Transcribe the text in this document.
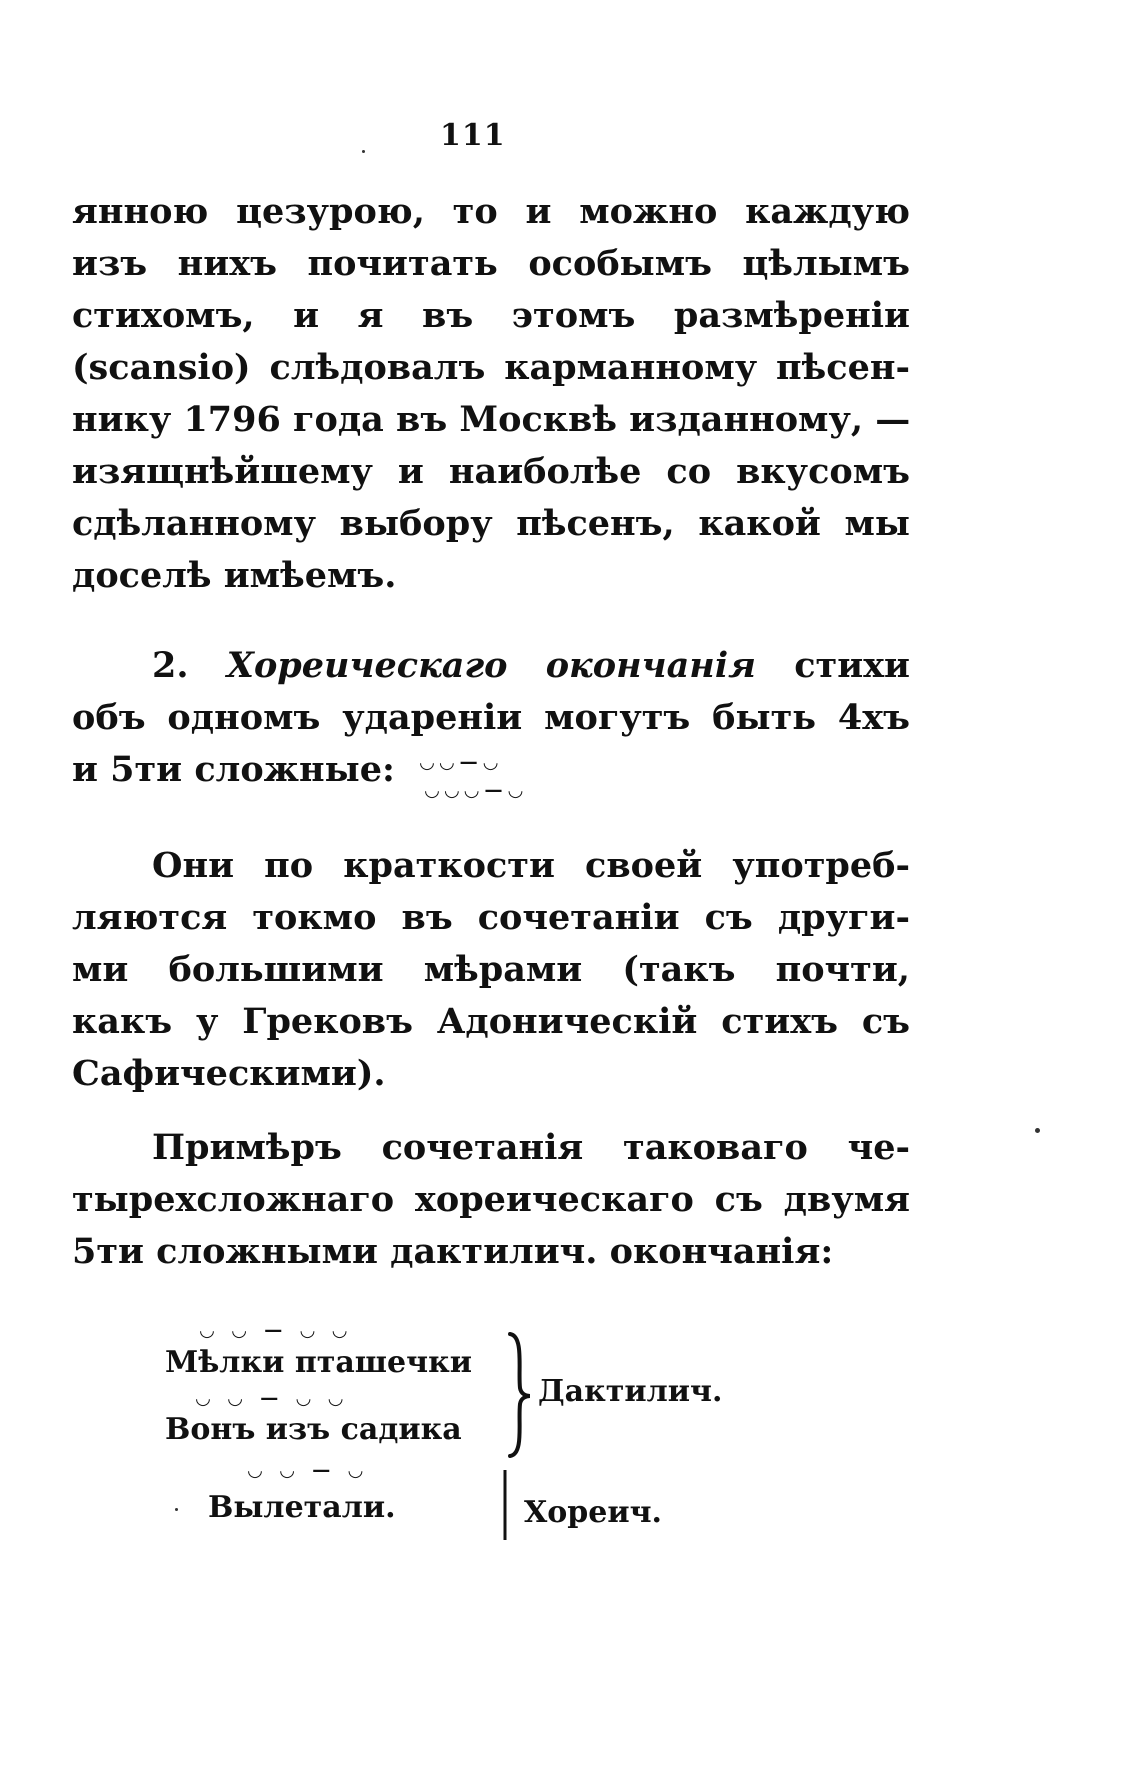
111
янною цезурою, то и можно каждую
изъ нихъ почитать особымъ цѣлымъ
стихомъ, и я въ этомъ размѣреніи
(scansio) слѣдовалъ карманному пѣсен-
нику 1796 года въ Москвѣ изданному, —
изящнѣйшему и наиболѣе со вкусомъ
сдѣланному выбору пѣсенъ, какой мы
доселѣ имѣемъ.
2. Хореическаго окончанія стихи
объ одномъ удареніи могутъ быть 4хъ
и 5ти сложные:	◡◡—◡
◡◡◡—◡
Они по краткости своей употреб-
ляются токмо въ сочетаніи съ други-
ми большими мѣрами (такъ почти,
какъ у Грековъ Адоническій стихъ съ
Сафическими).
Примѣръ сочетанія таковаго че-
тырехсложнаго хореическаго съ двумя
5ти сложными дактилич. окончанія:
◡ ◡ — ◡ ◡
Мѣлки пташечки
◡ ◡ — ◡ ◡
Вонъ изъ садика
◡ ◡ — ◡
Вылетали.
Дактилич.
Хореич.
